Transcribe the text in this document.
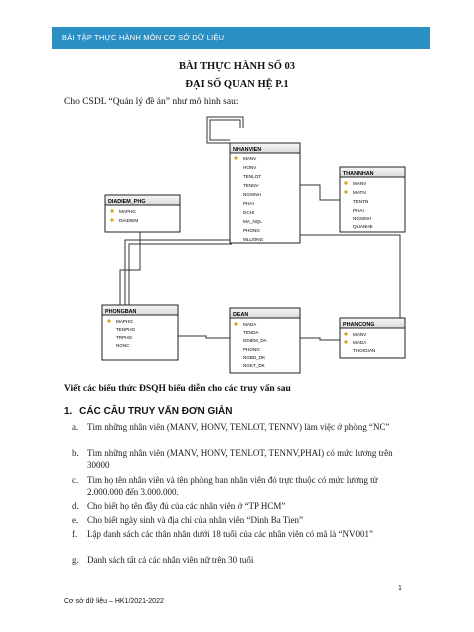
BÀI TẬP THỰC HÀNH MÔN CƠ SỞ DỮ LIỆU
BÀI THỰC HÀNH SỐ 03
ĐẠI SỐ QUAN HỆ P.1
Cho CSDL “Quản lý đề án” như mô hình sau:
NHANVIEN
MANV
HONV
TENLOT
TENNV
NGSINH
PHAI
DCHI
MA_NQL
PHONG
MLUONG
THANNHAN
MANV
MATN
TENTN
PHAI
NGSINH
QUANHE
DIADIEM_PHG
MAPHG
DIADIEM
PHONGBAN
MAPHG
TENPHG
TRPHG
NGNC
DEAN
MADA
TENDA
DDIEM_DA
PHONG
NGBD_DK
NGKT_DK
PHANCONG
MANV
MADA
THOIGIAN
Viết các biểu thức ĐSQH biểu diễn cho các truy vấn sau
1. CÁC CÂU TRUY VẤN ĐƠN GIẢN
a. Tìm những nhân viên (MANV, HONV, TENLOT, TENNV) làm việc ở phòng “NC”
b. Tìm những nhân viên (MANV, HONV, TENLOT, TENNV,PHAI) có mức lương trên 30000
c. Tìm họ tên nhân viên và tên phòng ban nhân viên đó trực thuộc có mức lương từ 2.000.000 đến 3.000.000.
d. Cho biết họ tên đầy đủ của các nhân viên ở “TP HCM”
e. Cho biết ngày sinh và địa chỉ của nhân viên “Dinh Ba Tien”
f.	Lập danh sách các thân nhân dưới 18 tuổi của các nhân viên có mã là “NV001”
g. Danh sách tất cả các nhân viên nữ trên 30 tuổi
1
Cơ sở dữ liệu – HK1/2021-2022
